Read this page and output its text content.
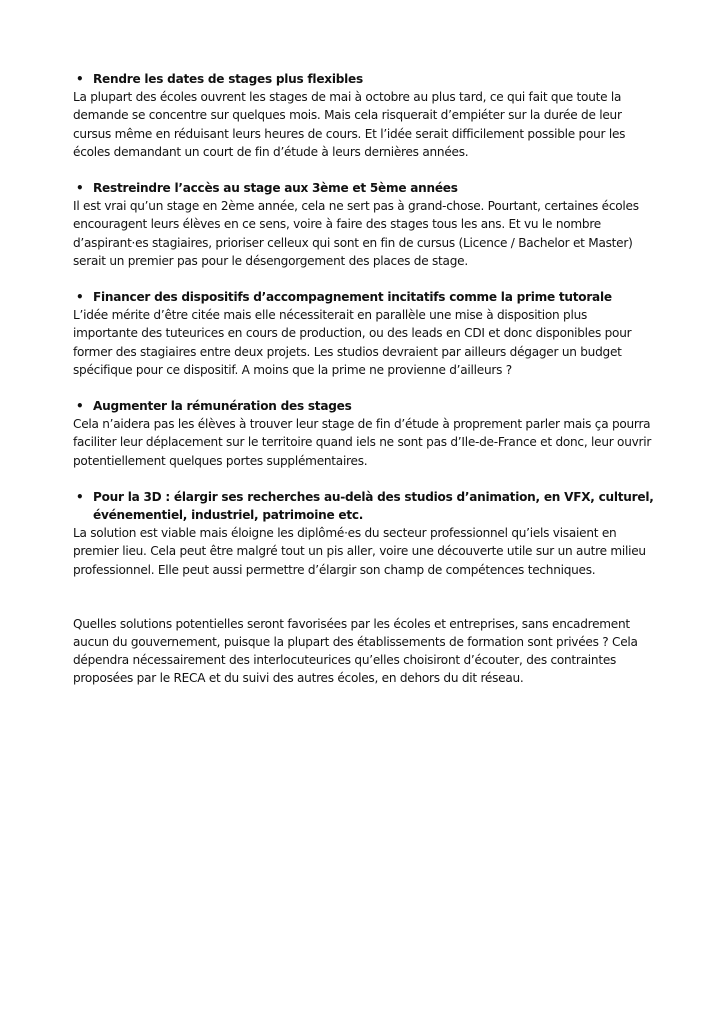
• Rendre les dates de stages plus flexibles

La plupart des écoles ouvrent les stages de mai à octobre au plus tard, ce qui fait que toute la demande se concentre sur quelques mois. Mais cela risquerait d’empiéter sur la durée de leur cursus même en réduisant leurs heures de cours. Et l’idée serait difficilement possible pour les écoles demandant un court de fin d’étude à leurs dernières années.

• Restreindre l’accès au stage aux 3ème et 5ème années

Il est vrai qu’un stage en 2ème année, cela ne sert pas à grand-chose. Pourtant, certaines écoles encouragent leurs élèves en ce sens, voire à faire des stages tous les ans. Et vu le nombre d’aspirant·es stagiaires, prioriser celleux qui sont en fin de cursus (Licence / Bachelor et Master) serait un premier pas pour le désengorgement des places de stage.

• Financer des dispositifs d’accompagnement incitatifs comme la prime tutorale

L’idée mérite d’être citée mais elle nécessiterait en parallèle une mise à disposition plus importante des tuteurices en cours de production, ou des leads en CDI et donc disponibles pour former des stagiaires entre deux projets. Les studios devraient par ailleurs dégager un budget spécifique pour ce dispositif. A moins que la prime ne provienne d’ailleurs ?

• Augmenter la rémunération des stages

Cela n’aidera pas les élèves à trouver leur stage de fin d’étude à proprement parler mais ça pourra faciliter leur déplacement sur le territoire quand iels ne sont pas d’Ile-de-France et donc, leur ouvrir potentiellement quelques portes supplémentaires.

• Pour la 3D : élargir ses recherches au-delà des studios d’animation, en VFX, culturel, événementiel, industriel, patrimoine etc.

La solution est viable mais éloigne les diplômé·es du secteur professionnel qu’iels visaient en premier lieu. Cela peut être malgré tout un pis aller, voire une découverte utile sur un autre milieu professionnel. Elle peut aussi permettre d’élargir son champ de compétences techniques.

Quelles solutions potentielles seront favorisées par les écoles et entreprises, sans encadrement aucun du gouvernement, puisque la plupart des établissements de formation sont privées ? Cela dépendra nécessairement des interlocuteurices qu’elles choisiront d’écouter, des contraintes proposées par le RECA et du suivi des autres écoles, en dehors du dit réseau.
